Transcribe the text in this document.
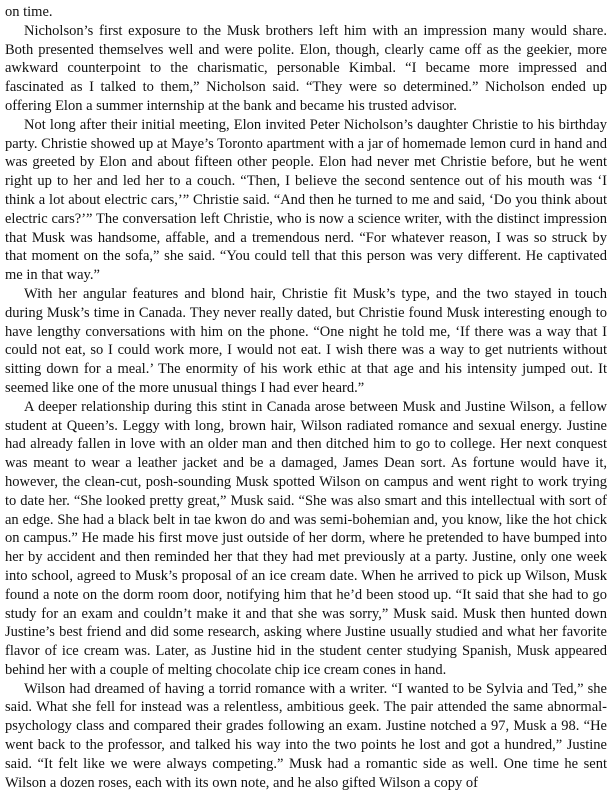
on time.

Nicholson’s first exposure to the Musk brothers left him with an impression many would share. Both presented themselves well and were polite. Elon, though, clearly came off as the geekier, more awkward counterpoint to the charismatic, personable Kimbal. “I became more impressed and fascinated as I talked to them,” Nicholson said. “They were so determined.” Nicholson ended up offering Elon a summer internship at the bank and became his trusted advisor.

Not long after their initial meeting, Elon invited Peter Nicholson’s daughter Christie to his birthday party. Christie showed up at Maye’s Toronto apartment with a jar of homemade lemon curd in hand and was greeted by Elon and about fifteen other people. Elon had never met Christie before, but he went right up to her and led her to a couch. “Then, I believe the second sentence out of his mouth was ‘I think a lot about electric cars,’” Christie said. “And then he turned to me and said, ‘Do you think about electric cars?’” The conversation left Christie, who is now a science writer, with the distinct impression that Musk was handsome, affable, and a tremendous nerd. “For whatever reason, I was so struck by that moment on the sofa,” she said. “You could tell that this person was very different. He captivated me in that way.”

With her angular features and blond hair, Christie fit Musk’s type, and the two stayed in touch during Musk’s time in Canada. They never really dated, but Christie found Musk interesting enough to have lengthy conversations with him on the phone. “One night he told me, ‘If there was a way that I could not eat, so I could work more, I would not eat. I wish there was a way to get nutrients without sitting down for a meal.’ The enormity of his work ethic at that age and his intensity jumped out. It seemed like one of the more unusual things I had ever heard.”

A deeper relationship during this stint in Canada arose between Musk and Justine Wilson, a fellow student at Queen’s. Leggy with long, brown hair, Wilson radiated romance and sexual energy. Justine had already fallen in love with an older man and then ditched him to go to college. Her next conquest was meant to wear a leather jacket and be a damaged, James Dean sort. As fortune would have it, however, the clean-cut, posh-sounding Musk spotted Wilson on campus and went right to work trying to date her. “She looked pretty great,” Musk said. “She was also smart and this intellectual with sort of an edge. She had a black belt in tae kwon do and was semi-bohemian and, you know, like the hot chick on campus.” He made his first move just outside of her dorm, where he pretended to have bumped into her by accident and then reminded her that they had met previously at a party. Justine, only one week into school, agreed to Musk’s proposal of an ice cream date. When he arrived to pick up Wilson, Musk found a note on the dorm room door, notifying him that he’d been stood up. “It said that she had to go study for an exam and couldn’t make it and that she was sorry,” Musk said. Musk then hunted down Justine’s best friend and did some research, asking where Justine usually studied and what her favorite flavor of ice cream was. Later, as Justine hid in the student center studying Spanish, Musk appeared behind her with a couple of melting chocolate chip ice cream cones in hand.

Wilson had dreamed of having a torrid romance with a writer. “I wanted to be Sylvia and Ted,” she said. What she fell for instead was a relentless, ambitious geek. The pair attended the same abnormal-psychology class and compared their grades following an exam. Justine notched a 97, Musk a 98. “He went back to the professor, and talked his way into the two points he lost and got a hundred,” Justine said. “It felt like we were always competing.” Musk had a romantic side as well. One time he sent Wilson a dozen roses, each with its own note, and he also gifted Wilson a copy of
